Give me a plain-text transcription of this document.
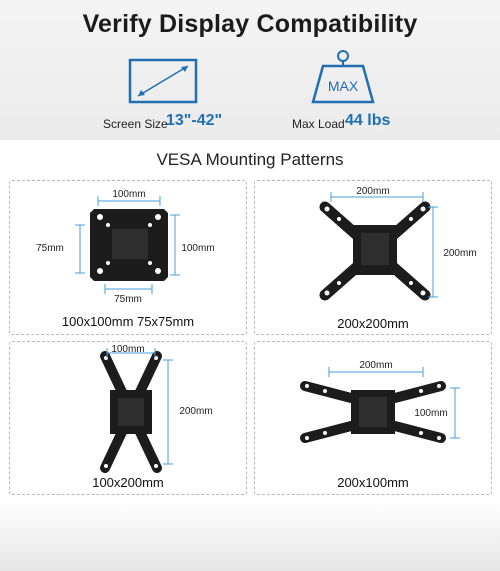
Verify Display Compatibility
Screen Size
13"-42"
MAX
Max Load 44 lbs
VESA Mounting Patterns
100mm
75mm	100mm
75mm
100x100mm 75x75mm
200mm
200mm
200x200mm
100mm
200mm
100x200mm
200mm
100mm
200x100mm
